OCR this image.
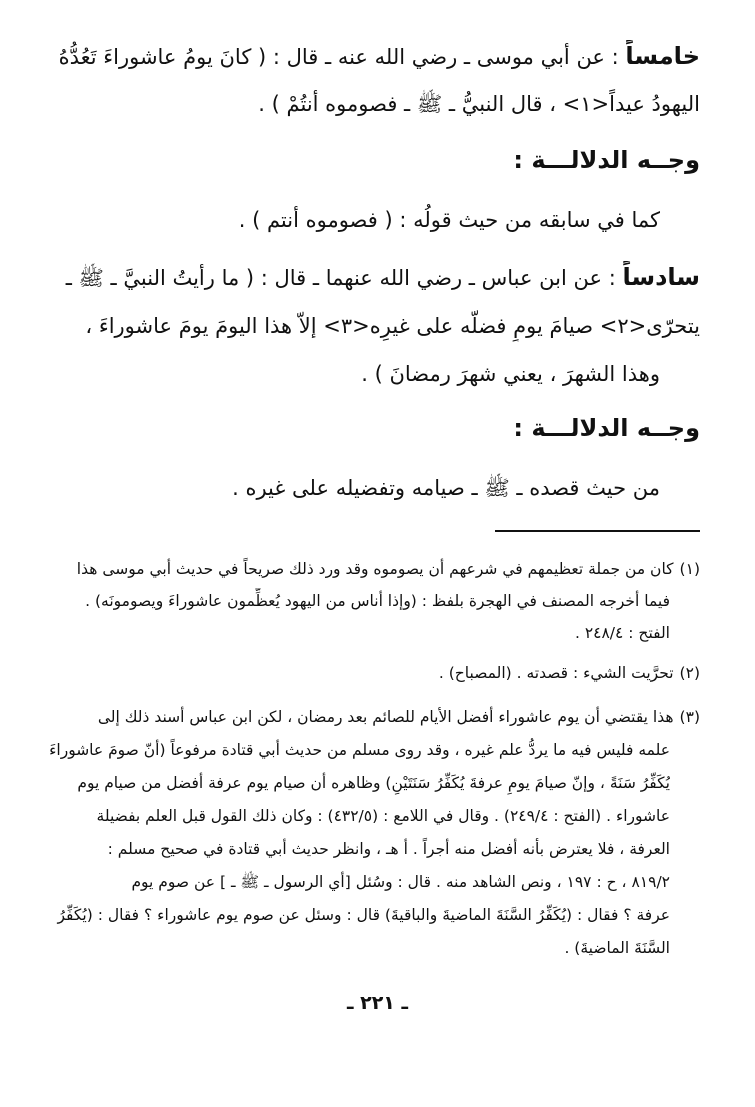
خامساً : عن أبي موسى ـ رضي الله عنه ـ قال : ( كانَ يومُ عاشوراءَ تَعُدُّهُ
اليهودُ عيداً<١> ، قال النبيُّ ـ ﷺ ـ فصوموه أنتُمْ ) .
وجــه الدلالـــة :
كما في سابقه من حيث قولُه : ( فصوموه أنتم ) .
سادساً : عن ابن عباس ـ رضي الله عنهما ـ قال : ( ما رأيتُ النبيَّ ـ ﷺ ـ
يتحرّى<٢> صيامَ يومٍ فضلَّه على غيرِه<٣> إلاّ هذا اليومَ يومَ عاشوراءَ ،
وهذا الشهرَ ، يعني شهرَ رمضانَ ) .
وجــه الدلالـــة :
من حيث قصده ـ ﷺ ـ صيامه وتفضيله على غيره .
(١)كان من جملة تعظيمهم في شرعهم أن يصوموه وقد ورد ذلك صريحاً في حديث أبي موسى هذا
فيما أخرجه المصنف في الهجرة بلفظ : (وإذا أناس من اليهود يُعظِّمون عاشوراءَ ويصومونَه) .
الفتح : ٢٤٨/٤ .
(٢)تحرَّيت الشيء : قصدته . (المصباح) .
(٣)هذا يقتضي أن يوم عاشوراء أفضل الأيام للصائم بعد رمضان ، لكن ابن عباس أسند ذلك إلى
علمه فليس فيه ما يردُّ علم غيره ، وقد روى مسلم من حديث أبي قتادة مرفوعاً (أنّ صومَ عاشوراءَ
يُكَفِّرُ سَنَةً ، وإنّ صيامَ يومِ عرفةَ يُكَفِّرُ سَنَتَيْنِ) وظاهره أن صيام يوم عرفة أفضل من صيام يوم
عاشوراء . (الفتح : ٢٤٩/٤) . وقال في اللامع : (٤٣٢/٥) : وكان ذلك القول قبل العلم بفضيلة
العرفة ، فلا يعترض بأنه أفضل منه أجراً . أ هـ ، وانظر حديث أبي قتادة في صحيح مسلم :
٨١٩/٢ ، ح : ١٩٧ ، ونص الشاهد منه . قال : وسُئل [أي الرسول ـ ﷺ ـ ] عن صوم يوم
عرفة ؟ فقال : (يُكَفِّرُ السَّنَةَ الماضيةَ والباقيةَ) قال : وسئل عن صوم يوم عاشوراء ؟ فقال : (يُكَفِّرُ
السَّنَةَ الماضيةَ) .
ـ ٢٢١ ـ
